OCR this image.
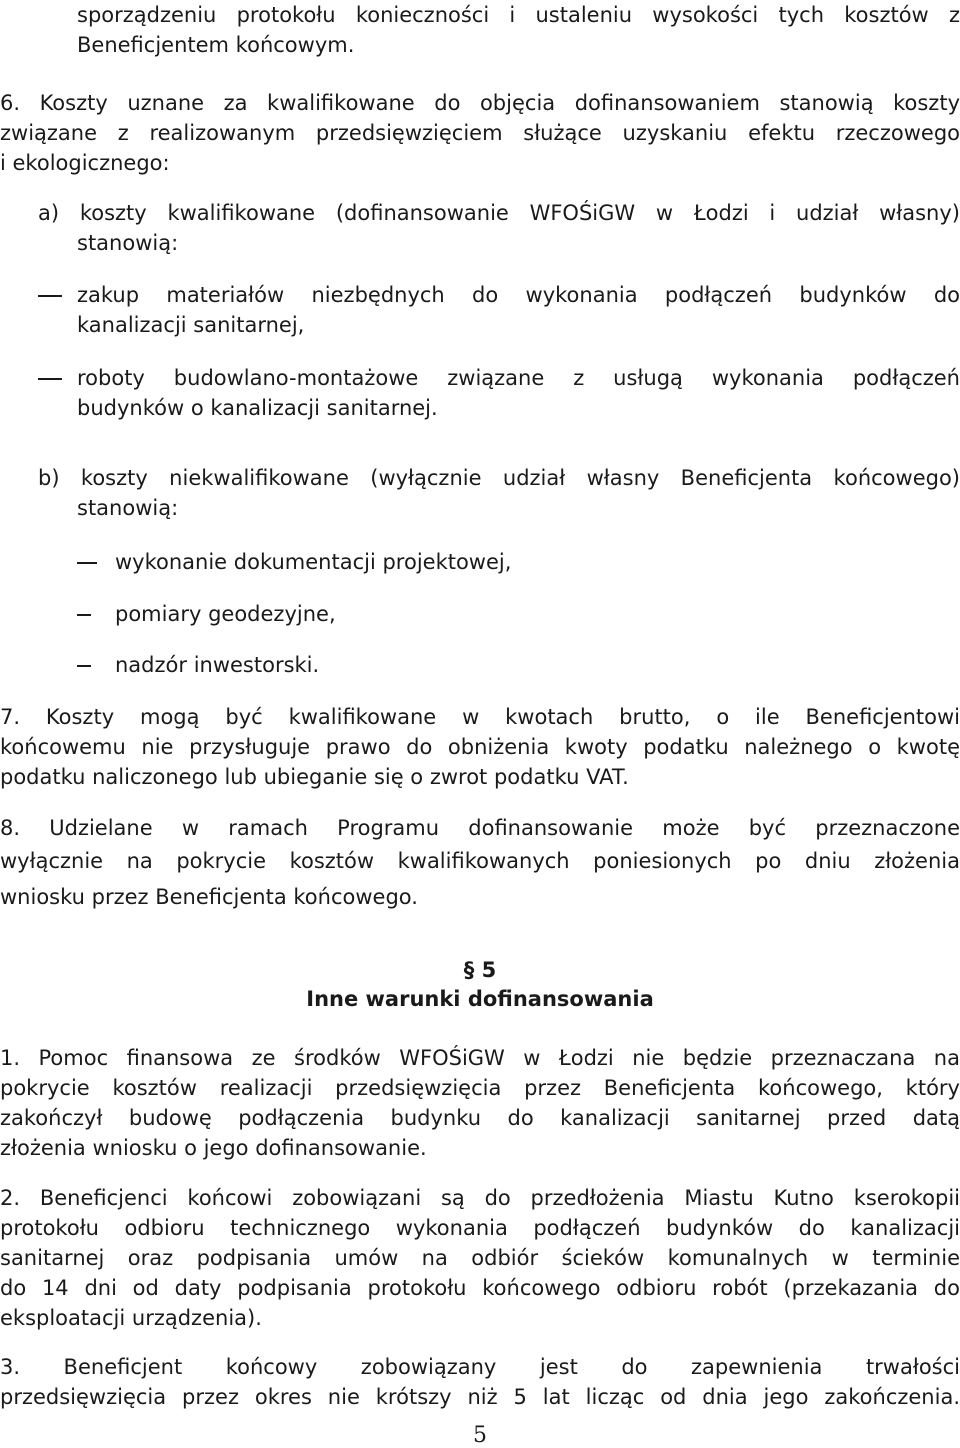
sporządzeniu protokołu konieczności i ustaleniu wysokości tych kosztów z
Beneficjentem końcowym.
6. Koszty uznane za kwalifikowane do objęcia dofinansowaniem stanowią koszty
związane z realizowanym przedsięwzięciem służące uzyskaniu efektu rzeczowego
i ekologicznego:
a) koszty kwalifikowane (dofinansowanie WFOŚiGW w Łodzi i udział własny)
stanowią:
zakup materiałów niezbędnych do wykonania podłączeń budynków do
kanalizacji sanitarnej,
roboty budowlano-montażowe związane z usługą wykonania podłączeń
budynków o kanalizacji sanitarnej.
b) koszty niekwalifikowane (wyłącznie udział własny Beneficjenta końcowego)
stanowią:
wykonanie dokumentacji projektowej,
pomiary geodezyjne,
nadzór inwestorski.
7. Koszty mogą być kwalifikowane w kwotach brutto, o ile Beneficjentowi
końcowemu nie przysługuje prawo do obniżenia kwoty podatku należnego o kwotę
podatku naliczonego lub ubieganie się o zwrot podatku VAT.
8. Udzielane w ramach Programu dofinansowanie może być przeznaczone
wyłącznie na pokrycie kosztów kwalifikowanych poniesionych po dniu złożenia
wniosku przez Beneficjenta końcowego.
§ 5
Inne warunki dofinansowania
1. Pomoc finansowa ze środków WFOŚiGW w Łodzi nie będzie przeznaczana na
pokrycie kosztów realizacji przedsięwzięcia przez Beneficjenta końcowego, który
zakończył budowę podłączenia budynku do kanalizacji sanitarnej przed datą
złożenia wniosku o jego dofinansowanie.
2. Beneficjenci końcowi zobowiązani są do przedłożenia Miastu Kutno kserokopii
protokołu odbioru technicznego wykonania podłączeń budynków do kanalizacji
sanitarnej oraz podpisania umów na odbiór ścieków komunalnych w terminie
do 14 dni od daty podpisania protokołu końcowego odbioru robót (przekazania do
eksploatacji urządzenia).
3. Beneficjent końcowy zobowiązany jest do zapewnienia trwałości
przedsięwzięcia przez okres nie krótszy niż 5 lat licząc od dnia jego zakończenia.
5
